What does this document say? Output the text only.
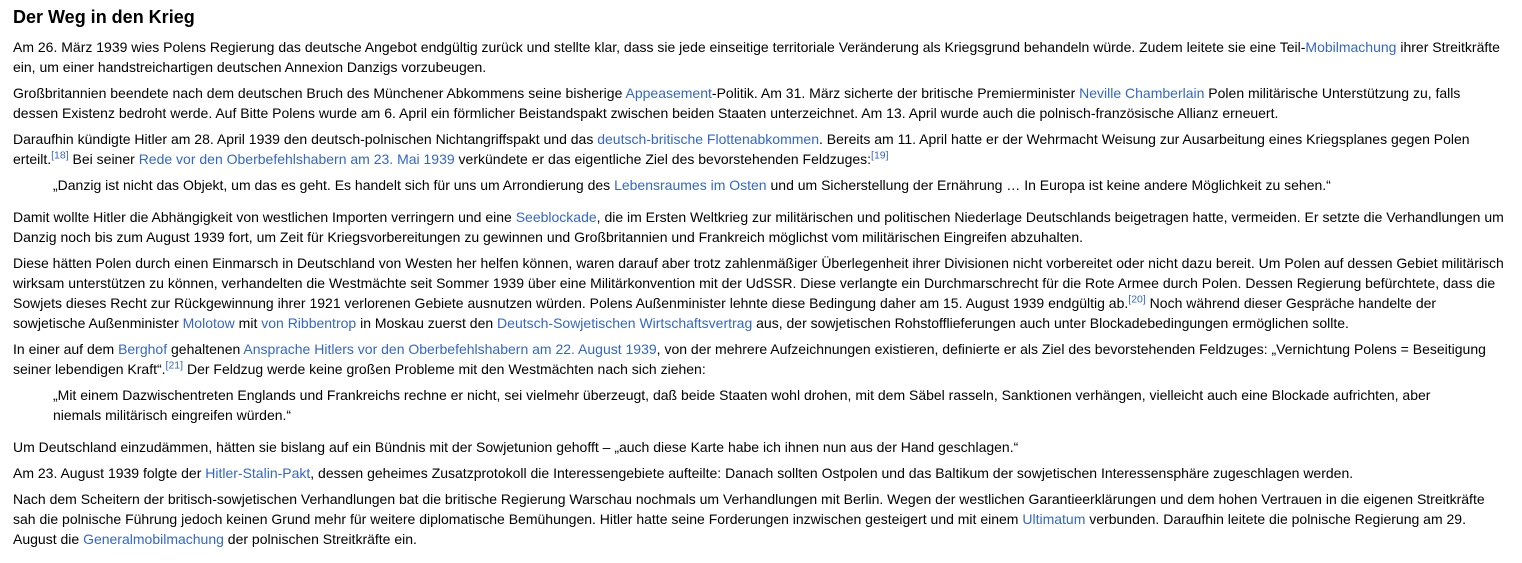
Der Weg in den Krieg

Am 26. März 1939 wies Polens Regierung das deutsche Angebot endgültig zurück und stellte klar, dass sie jede einseitige territoriale Veränderung als Kriegsgrund behandeln würde. Zudem leitete sie eine Teil-Mobilmachung ihrer Streitkräfte ein, um einer handstreichartigen deutschen Annexion Danzigs vorzubeugen.

Großbritannien beendete nach dem deutschen Bruch des Münchener Abkommens seine bisherige Appeasement-Politik. Am 31. März sicherte der britische Premierminister Neville Chamberlain Polen militärische Unterstützung zu, falls dessen Existenz bedroht werde. Auf Bitte Polens wurde am 6. April ein förmlicher Beistandspakt zwischen beiden Staaten unterzeichnet. Am 13. April wurde auch die polnisch-französische Allianz erneuert.

Daraufhin kündigte Hitler am 28. April 1939 den deutsch-polnischen Nichtangriffspakt und das deutsch-britische Flottenabkommen. Bereits am 11. April hatte er der Wehrmacht Weisung zur Ausarbeitung eines Kriegsplanes gegen Polen erteilt.[18] Bei seiner Rede vor den Oberbefehlshabern am 23. Mai 1939 verkündete er das eigentliche Ziel des bevorstehenden Feldzuges:[19]

„Danzig ist nicht das Objekt, um das es geht. Es handelt sich für uns um Arrondierung des Lebensraumes im Osten und um Sicherstellung der Ernährung … In Europa ist keine andere Möglichkeit zu sehen.“

Damit wollte Hitler die Abhängigkeit von westlichen Importen verringern und eine Seeblockade, die im Ersten Weltkrieg zur militärischen und politischen Niederlage Deutschlands beigetragen hatte, vermeiden. Er setzte die Verhandlungen um Danzig noch bis zum August 1939 fort, um Zeit für Kriegsvorbereitungen zu gewinnen und Großbritannien und Frankreich möglichst vom militärischen Eingreifen abzuhalten.

Diese hätten Polen durch einen Einmarsch in Deutschland von Westen her helfen können, waren darauf aber trotz zahlenmäßiger Überlegenheit ihrer Divisionen nicht vorbereitet oder nicht dazu bereit. Um Polen auf dessen Gebiet militärisch wirksam unterstützen zu können, verhandelten die Westmächte seit Sommer 1939 über eine Militärkonvention mit der UdSSR. Diese verlangte ein Durchmarschrecht für die Rote Armee durch Polen. Dessen Regierung befürchtete, dass die Sowjets dieses Recht zur Rückgewinnung ihrer 1921 verlorenen Gebiete ausnutzen würden. Polens Außenminister lehnte diese Bedingung daher am 15. August 1939 endgültig ab.[20] Noch während dieser Gespräche handelte der sowjetische Außenminister Molotow mit von Ribbentrop in Moskau zuerst den Deutsch-Sowjetischen Wirtschaftsvertrag aus, der sowjetischen Rohstofflieferungen auch unter Blockadebedingungen ermöglichen sollte.

In einer auf dem Berghof gehaltenen Ansprache Hitlers vor den Oberbefehlshabern am 22. August 1939, von der mehrere Aufzeichnungen existieren, definierte er als Ziel des bevorstehenden Feldzuges: „Vernichtung Polens = Beseitigung seiner lebendigen Kraft“.[21] Der Feldzug werde keine großen Probleme mit den Westmächten nach sich ziehen:

„Mit einem Dazwischentreten Englands und Frankreichs rechne er nicht, sei vielmehr überzeugt, daß beide Staaten wohl drohen, mit dem Säbel rasseln, Sanktionen verhängen, vielleicht auch eine Blockade aufrichten, aber niemals militärisch eingreifen würden.“

Um Deutschland einzudämmen, hätten sie bislang auf ein Bündnis mit der Sowjetunion gehofft – „auch diese Karte habe ich ihnen nun aus der Hand geschlagen.“

Am 23. August 1939 folgte der Hitler-Stalin-Pakt, dessen geheimes Zusatzprotokoll die Interessengebiete aufteilte: Danach sollten Ostpolen und das Baltikum der sowjetischen Interessensphäre zugeschlagen werden.

Nach dem Scheitern der britisch-sowjetischen Verhandlungen bat die britische Regierung Warschau nochmals um Verhandlungen mit Berlin. Wegen der westlichen Garantieerklärungen und dem hohen Vertrauen in die eigenen Streitkräfte sah die polnische Führung jedoch keinen Grund mehr für weitere diplomatische Bemühungen. Hitler hatte seine Forderungen inzwischen gesteigert und mit einem Ultimatum verbunden. Daraufhin leitete die polnische Regierung am 29. August die Generalmobilmachung der polnischen Streitkräfte ein.
